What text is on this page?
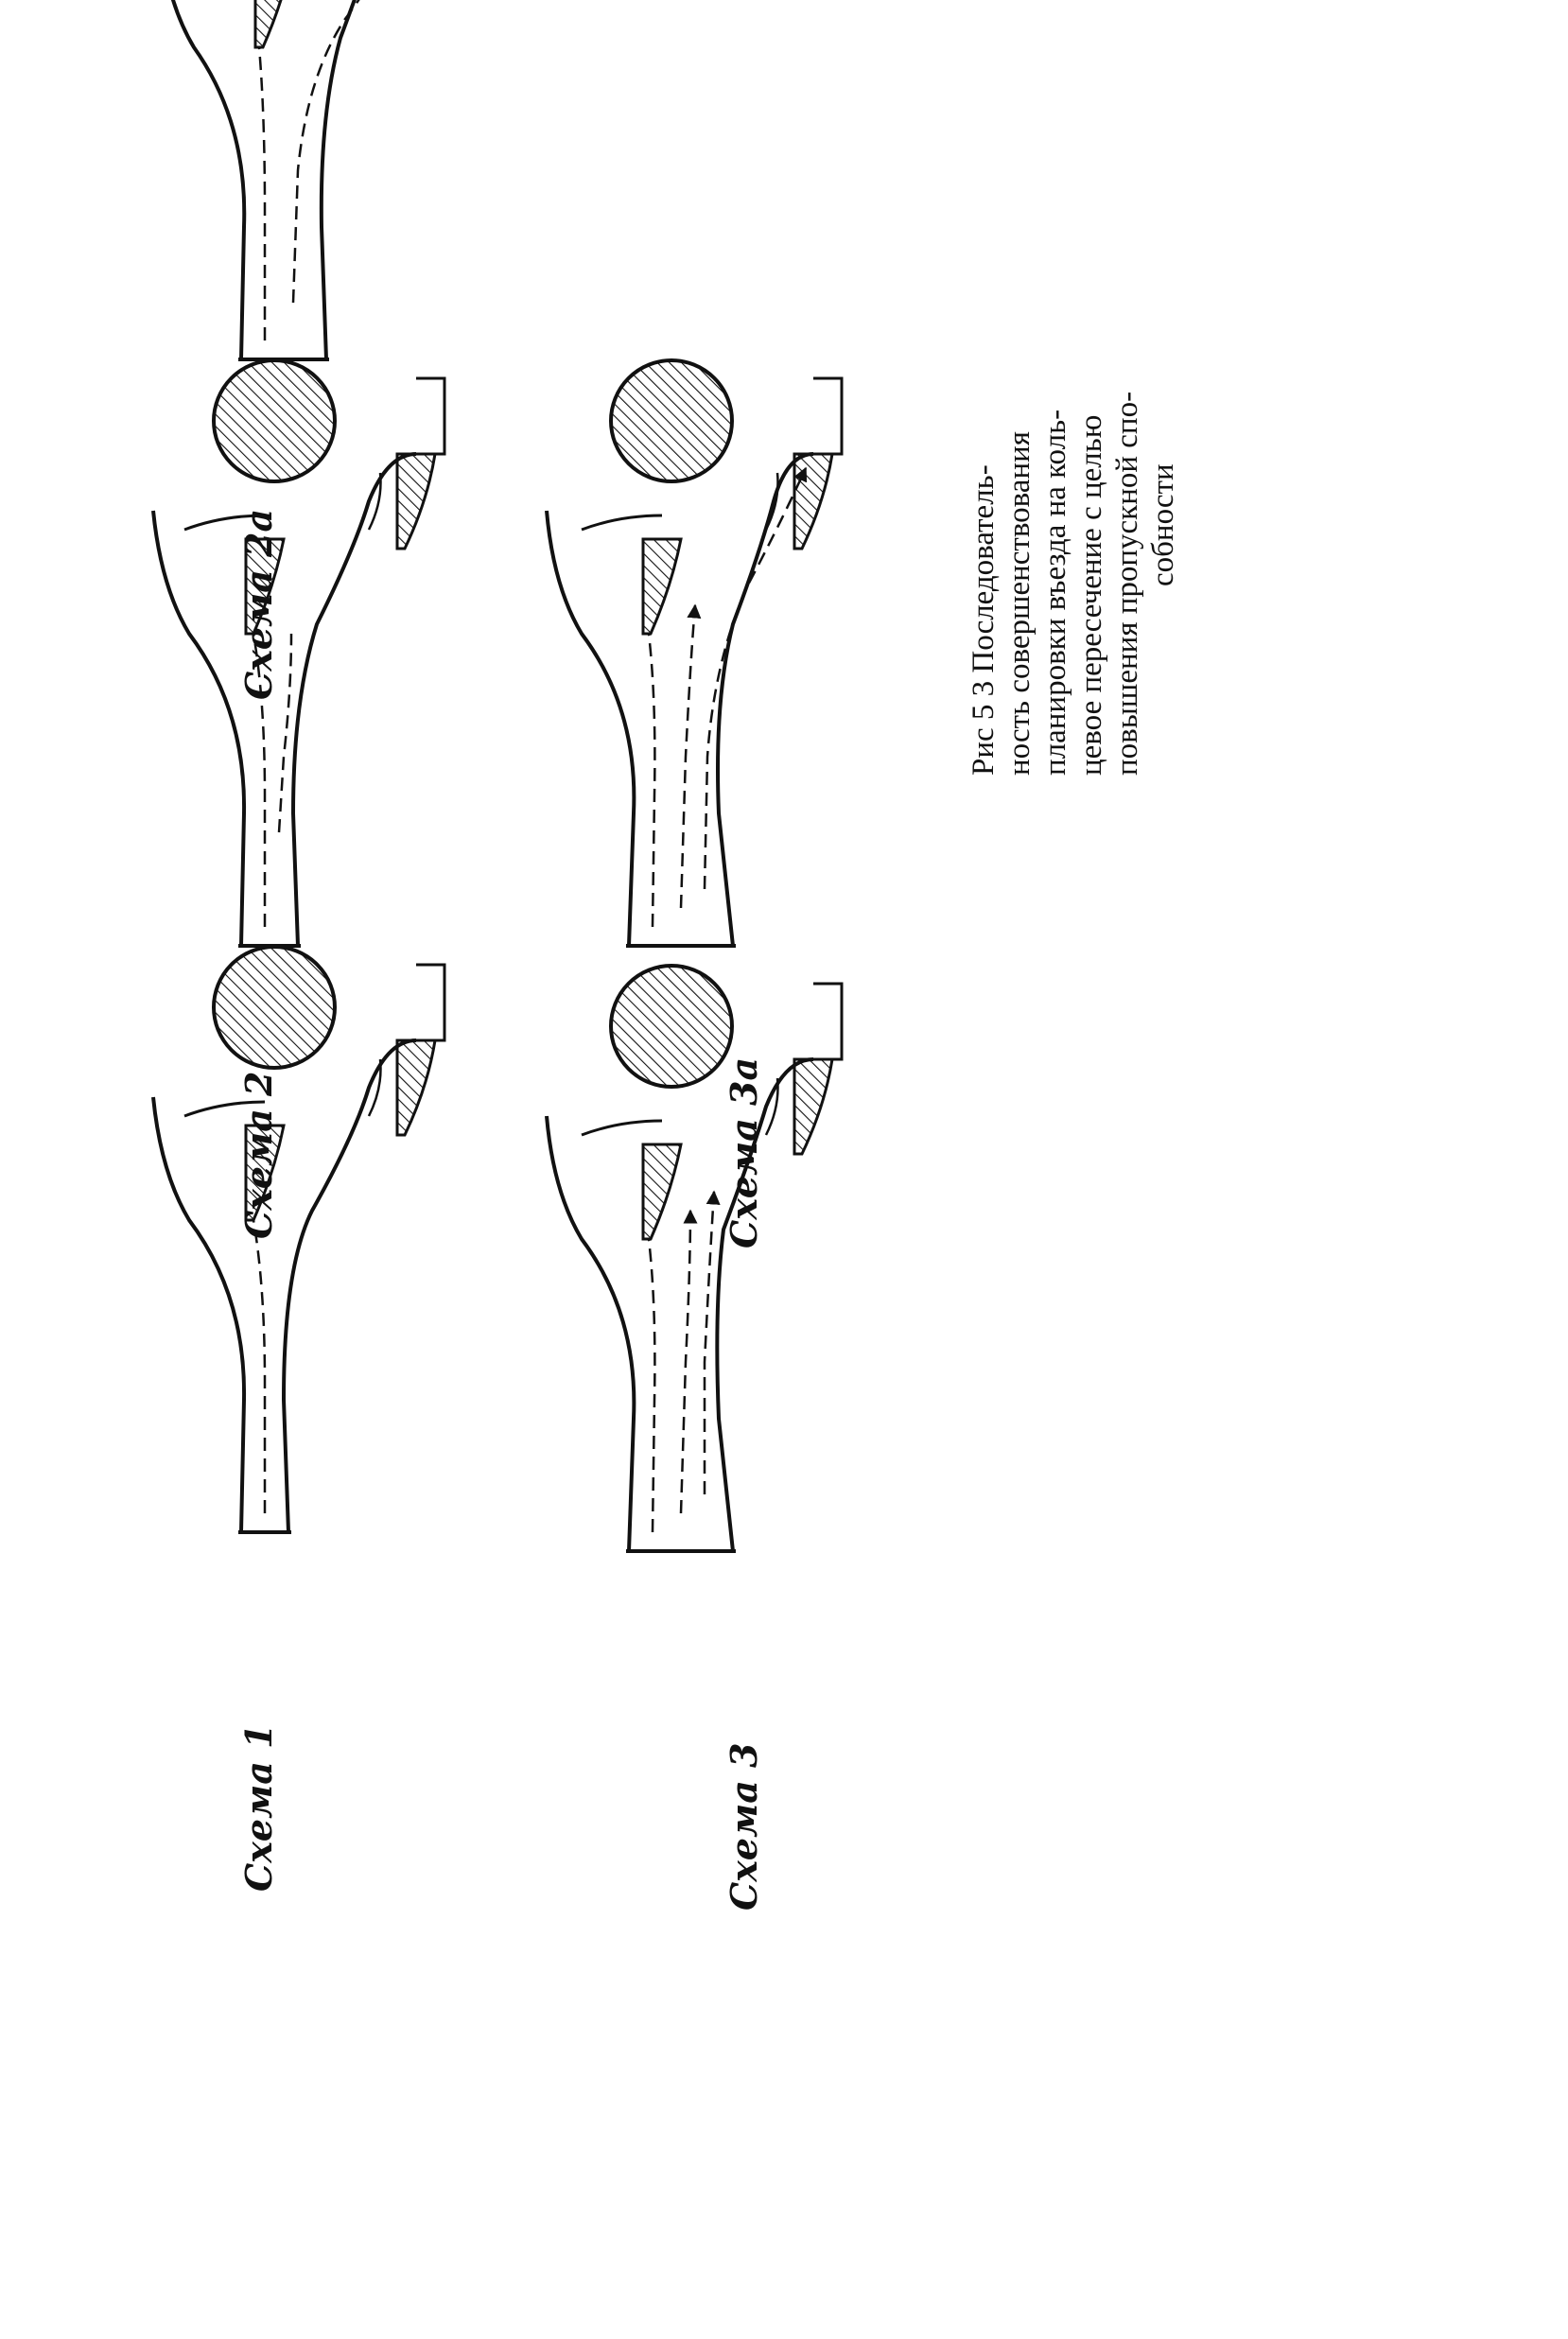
Схема 1
Схема 2
Схема 2а
Схема 3
Схема 3а
Рис 5 3 Последователь- ность совершенствования планировки въезда на коль- цевое пересечение с целью повышения пропускной спо- собности
